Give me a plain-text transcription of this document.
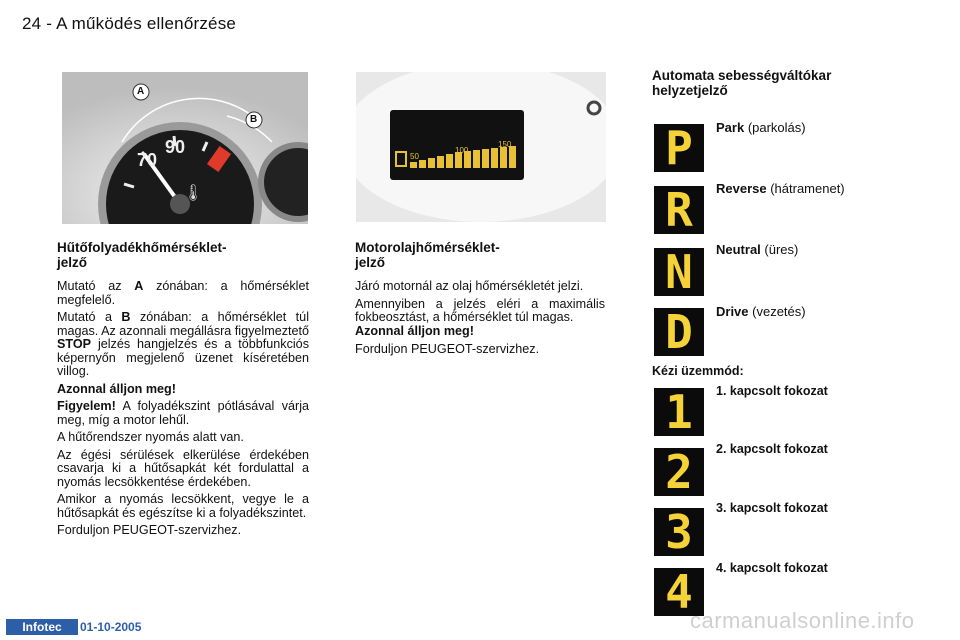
24 - A működés ellenőrzése
A
B
70
90
🌡
50
100
150
Hűtőfolyadékhőmérséklet-
jelző

Mutató az A zónában: a hőmérséklet megfelelő.

Mutató a B zónában: a hőmérséklet túl magas. Az azonnali megállásra figyelmeztető STOP jelzés hangjelzés és a többfunkciós képernyőn megjelenő üzenet kíséretében villog.

Azonnal álljon meg!

Figyelem! A folyadékszint pótlásával várja meg, míg a motor lehűl.

A hűtőrendszer nyomás alatt van.

Az égési sérülések elkerülése érdekében csavarja ki a hűtősapkát két fordulattal a nyomás lecsökkentése érdekében.

Amikor a nyomás lecsökkent, vegye le a hűtősapkát és egészítse ki a folyadékszintet.

Forduljon PEUGEOT-szervizhez.

Motorolajhőmérséklet-
jelző

Járó motornál az olaj hőmérsékletét jelzi.

Amennyiben a jelzés eléri a maximális fokbeosztást, a hőmérséklet túl magas.

Azonnal álljon meg!

Forduljon PEUGEOT-szervizhez.

Automata sebességváltókar
helyzetjelző
P Park (parkolás)
R Reverse (hátramenet)
N Neutral (üres)
D Drive (vezetés)
Kézi üzemmód:
1 1. kapcsolt fokozat
2 2. kapcsolt fokozat
3 3. kapcsolt fokozat
4 4. kapcsolt fokozat
Infotec	01-10-2005	carmanualsonline.info
